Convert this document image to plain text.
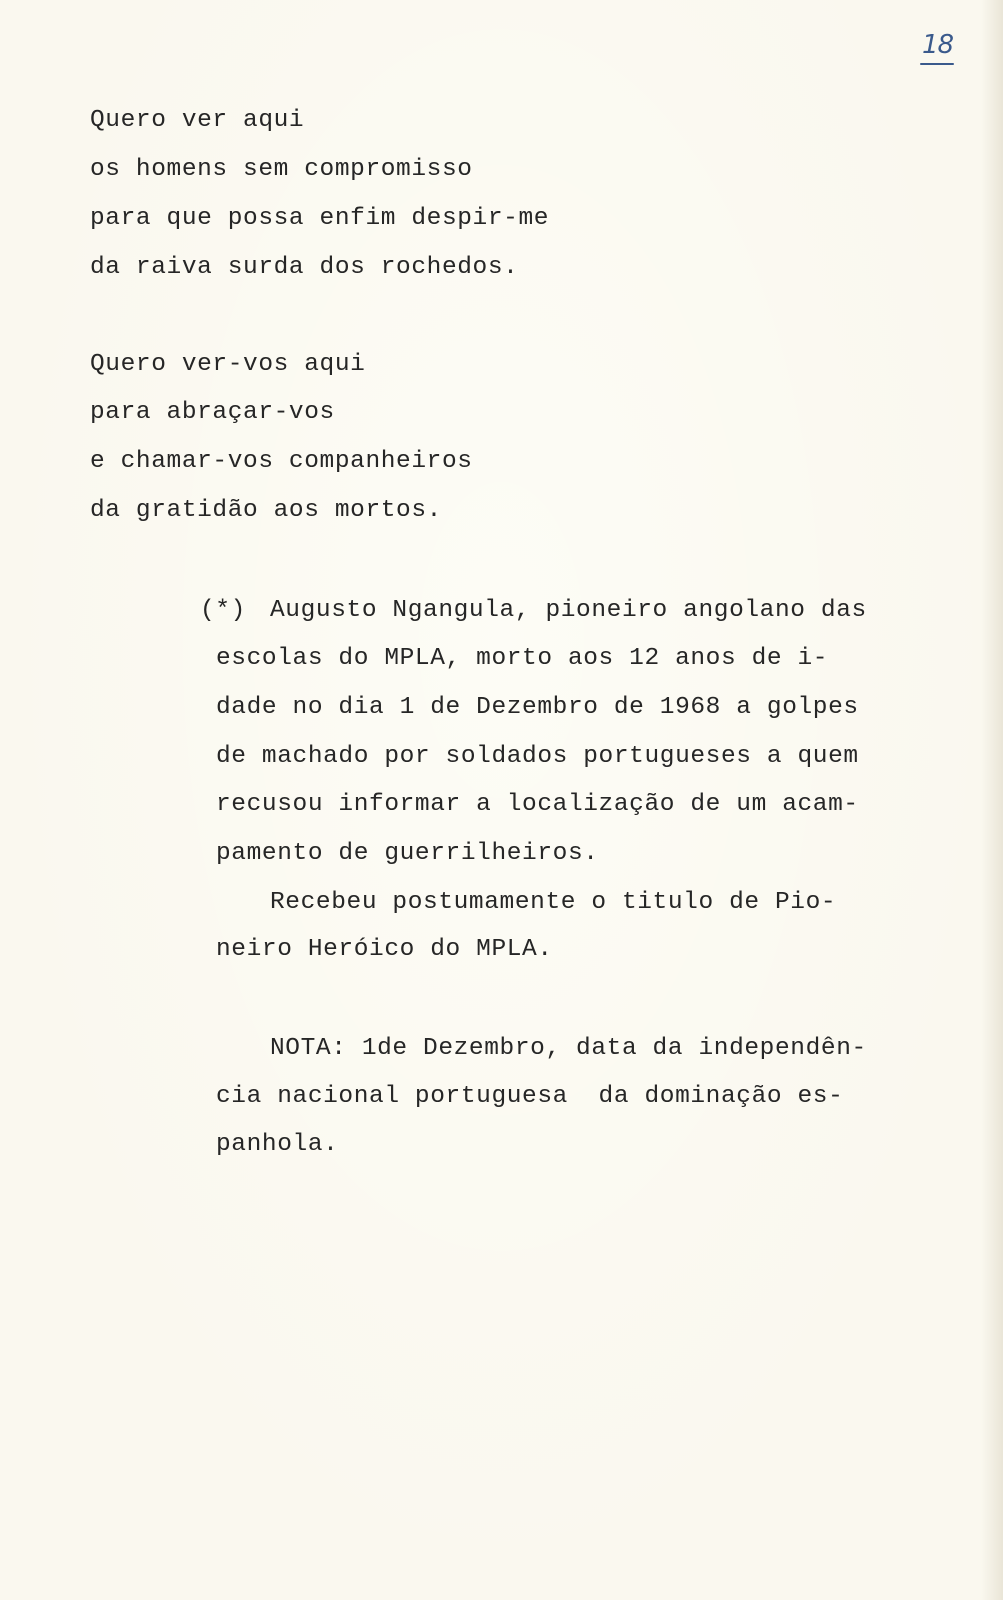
18
Quero ver aqui
os homens sem compromisso
para que possa enfim despir-me
da raiva surda dos rochedos.
Quero ver-vos aqui
para abraçar-vos
e chamar-vos companheiros
da gratidão aos mortos.
(*) Augusto Ngangula, pioneiro angolano das
escolas do MPLA, morto aos 12 anos de i-
dade no dia 1 de Dezembro de 1968 a golpes
de machado por soldados portugueses a quem
recusou informar a localização de um acam-
pamento de guerrilheiros.
Recebeu postumamente o titulo de Pio-
neiro Heróico do MPLA.
NOTA: 1de Dezembro, data da independên-
cia nacional portuguesa  da dominação es-
panhola.
